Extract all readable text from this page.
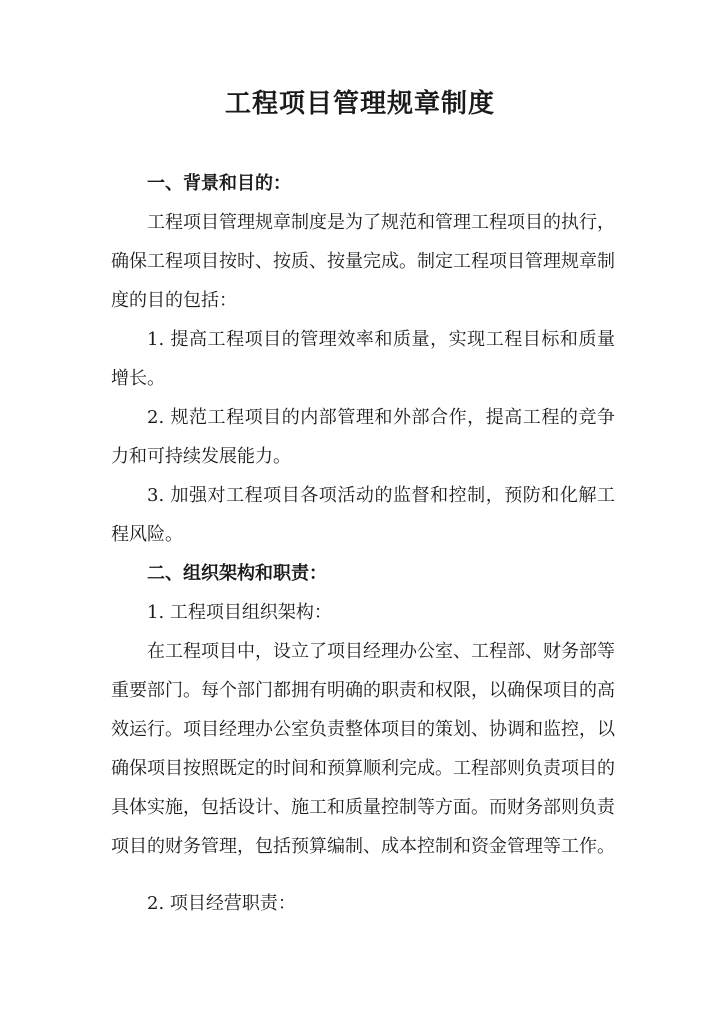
工程项目管理规章制度

一、背景和目的：

工程项目管理规章制度是为了规范和管理工程项目的执行，确保工程项目按时、按质、按量完成。制定工程项目管理规章制度的目的包括：

1. 提高工程项目的管理效率和质量，实现工程目标和质量增长。

2. 规范工程项目的内部管理和外部合作，提高工程的竞争力和可持续发展能力。

3. 加强对工程项目各项活动的监督和控制，预防和化解工程风险。

二、组织架构和职责：

1. 工程项目组织架构：

在工程项目中，设立了项目经理办公室、工程部、财务部等重要部门。每个部门都拥有明确的职责和权限，以确保项目的高效运行。项目经理办公室负责整体项目的策划、协调和监控，以确保项目按照既定的时间和预算顺利完成。工程部则负责项目的具体实施，包括设计、施工和质量控制等方面。而财务部则负责项目的财务管理，包括预算编制、成本控制和资金管理等工作。

2. 项目经营职责：
